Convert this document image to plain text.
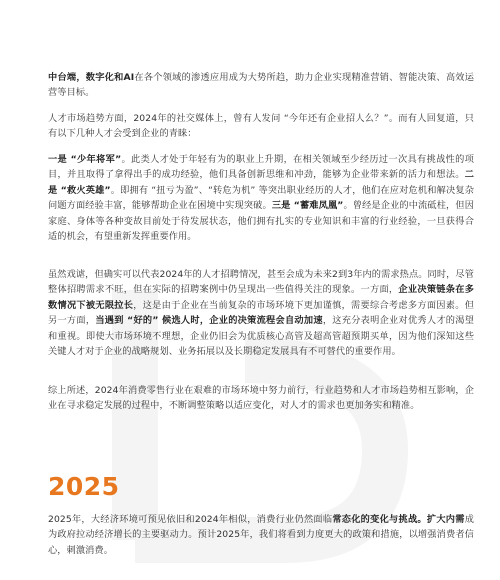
中台端，数字化和AI在各个领域的渗透应用成为大势所趋，助力企业实现精准营销、智能决策、高效运营等目标。

人才市场趋势方面，2024年的社交媒体上，曾有人发问 “今年还有企业招人么？”。而有人回复道，只有以下几种人才会受到企业的青睐：

一是 “少年将军”。此类人才处于年轻有为的职业上升期，在相关领域至少经历过一次具有挑战性的项目，并且取得了拿得出手的成功经验，他们具备创新思维和冲劲，能够为企业带来新的活力和想法。二是 “救火英雄”。即拥有 “扭亏为盈”、“转危为机” 等突出职业经历的人才，他们在应对危机和解决复杂问题方面经验丰富，能够帮助企业在困境中实现突破。三是 “蓄难凤凰”。曾经是企业的中流砥柱，但因家庭、身体等各种变故目前处于待发展状态，他们拥有扎实的专业知识和丰富的行业经验，一旦获得合适的机会，有望重新发挥重要作用。

虽然戏谑，但确实可以代表2024年的人才招聘情况，甚至会成为未来2到3年内的需求热点。同时，尽管整体招聘需求不旺，但在实际的招聘案例中仍呈现出一些值得关注的现象。一方面，企业决策链条在多数情况下被无限拉长，这是由于企业在当前复杂的市场环境下更加谨慎，需要综合考虑多方面因素。但另一方面，当遇到 “好的” 候选人时，企业的决策流程会自动加速，这充分表明企业对优秀人才的渴望和重视。即使大市场环境不理想，企业仍旧会为优质核心高管及超高管超预期买单，因为他们深知这些关键人才对于企业的战略规划、业务拓展以及长期稳定发展具有不可替代的重要作用。

综上所述，2024年消费零售行业在艰难的市场环境中努力前行，行业趋势和人才市场趋势相互影响，企业在寻求稳定发展的过程中，不断调整策略以适应变化，对人才的需求也更加务实和精准。

2025

2025年，大经济环境可预见依旧和2024年相似，消费行业仍然面临常态化的变化与挑战。扩大内需成为政府拉动经济增长的主要驱动力。预计2025年，我们将看到力度更大的政策和措施，以增强消费者信心，刺激消费。
